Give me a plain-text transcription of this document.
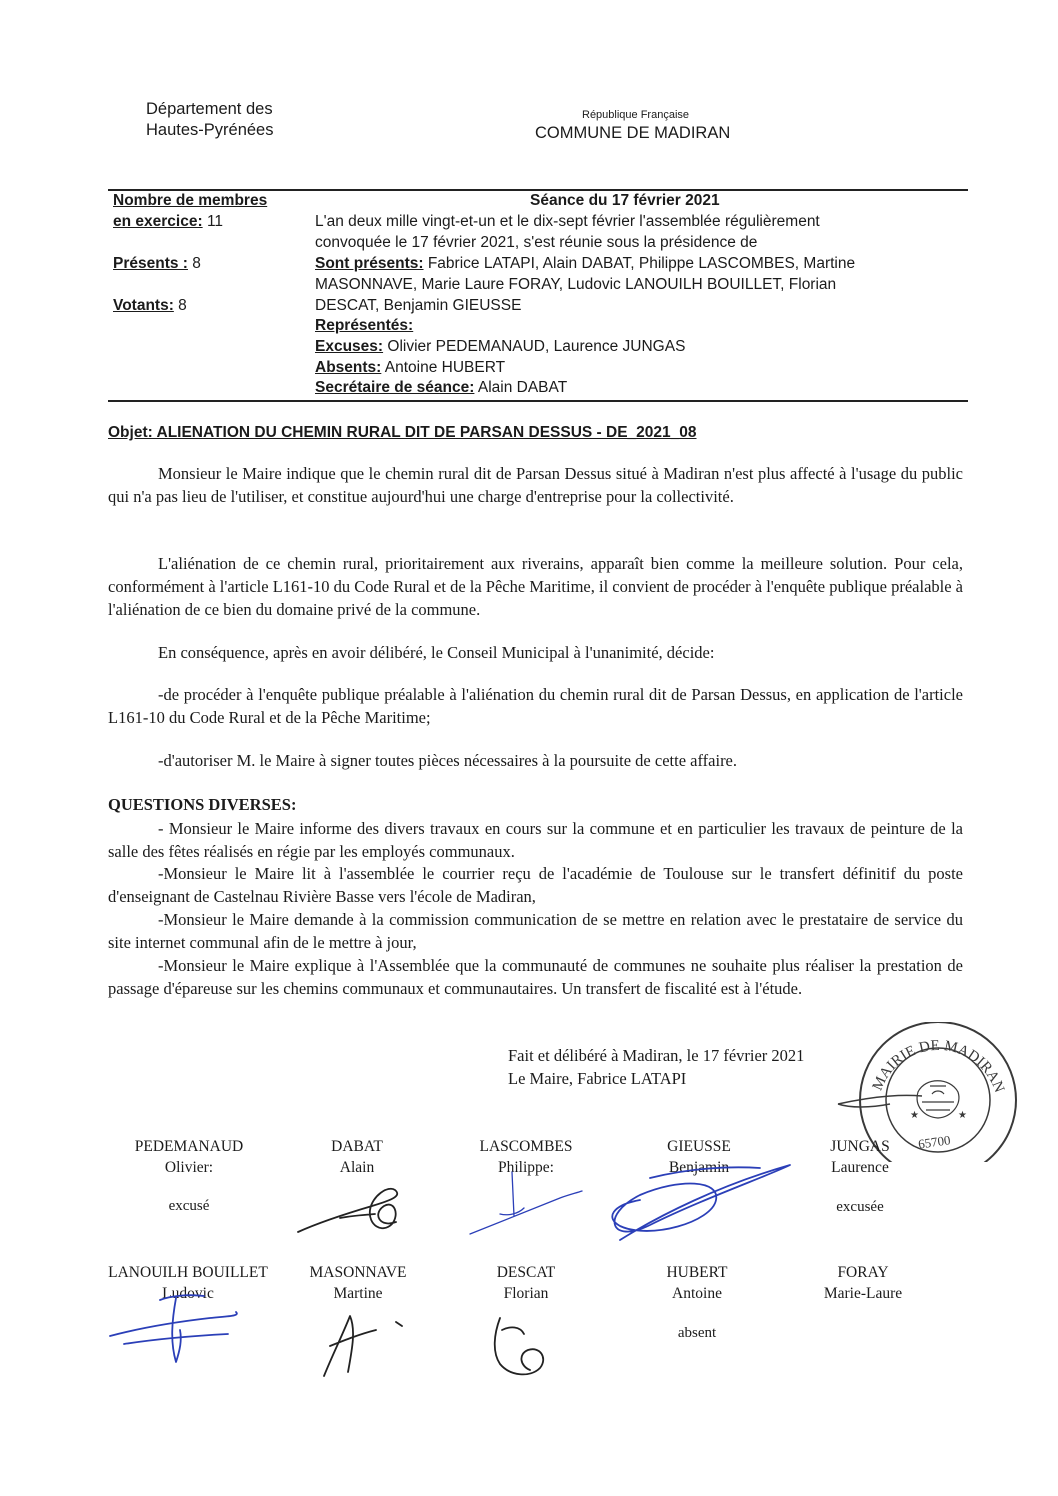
Département des
Hautes-Pyrénées
République Française
COMMUNE DE MADIRAN
Nombre de membres
en exercice: 11
Présents : 8
Votants: 8
Séance du 17 février 2021
L'an deux mille vingt-et-un et le dix-sept février l'assemblée régulièrement
convoquée le 17 février 2021, s'est réunie sous la présidence de
Sont présents: Fabrice LATAPI, Alain DABAT, Philippe LASCOMBES, Martine
MASONNAVE, Marie Laure FORAY, Ludovic LANOUILH BOUILLET, Florian
DESCAT, Benjamin GIEUSSE
Représentés:
Excuses: Olivier PEDEMANAUD, Laurence JUNGAS
Absents: Antoine HUBERT
Secrétaire de séance: Alain DABAT
Objet: ALIENATION DU CHEMIN RURAL DIT DE PARSAN DESSUS - DE_2021_08
Monsieur le Maire indique que le chemin rural dit de Parsan Dessus situé à Madiran n'est plus affecté à l'usage du public qui n'a pas lieu de l'utiliser, et constitue aujourd'hui une charge d'entreprise pour la collectivité.
L'aliénation de ce chemin rural, prioritairement aux riverains, apparaît bien comme la meilleure solution. Pour cela, conformément à l'article L161-10 du Code Rural et de la Pêche Maritime, il convient de procéder à l'enquête publique préalable à l'aliénation de ce bien du domaine privé de la commune.
En conséquence, après en avoir délibéré, le Conseil Municipal à l'unanimité, décide:
-de procéder à l'enquête publique préalable à l'aliénation du chemin rural dit de Parsan Dessus, en application de l'article L161-10 du Code Rural et de la Pêche Maritime;
-d'autoriser M. le Maire à signer toutes pièces nécessaires à la poursuite de cette affaire.
QUESTIONS DIVERSES:
- Monsieur le Maire informe des divers travaux en cours sur la commune et en particulier les travaux de peinture de la salle des fêtes réalisés en régie par les employés communaux.
-Monsieur le Maire lit à l'assemblée le courrier reçu de l'académie de Toulouse sur le transfert définitif du poste d'enseignant de Castelnau Rivière Basse vers l'école de Madiran,
-Monsieur le Maire demande à la commission communication de se mettre en relation avec le prestataire de service du site internet communal afin de le mettre à jour,
-Monsieur le Maire explique à l'Assemblée que la communauté de communes ne souhaite plus réaliser la prestation de passage d'épareuse sur les chemins communaux et communautaires. Un transfert de fiscalité est à l'étude.
Fait et délibéré à Madiran, le 17 février 2021
Le Maire, Fabrice LATAPI	MAIRIE DE MADIRAN
65700
★	★
PEDEMANAUD
Olivier:
excusé
DABAT
Alain
LASCOMBES
Philippe:
GIEUSSE
Benjamin
JUNGAS
Laurence
excusée
LANOUILH BOUILLET
Ludovic
MASONNAVE
Martine
DESCAT
Florian
HUBERT
Antoine
absent
FORAY
Marie-Laure
